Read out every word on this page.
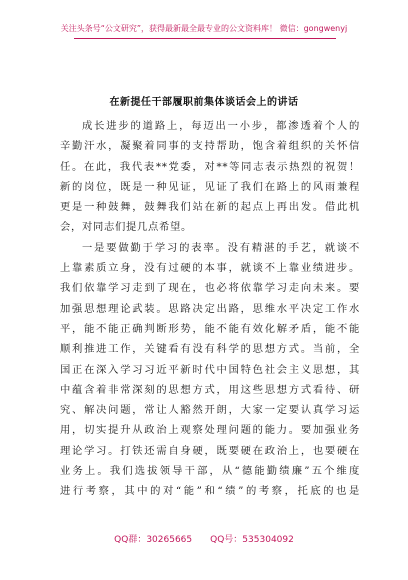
关注头条号“公文研究”，获得最新最全最专业的公文资料库！ 微信：gongwenyj
在新提任干部履职前集体谈话会上的讲话
成长进步的道路上，每迈出一小步，都渗透着个人的
辛勤汗水，凝聚着同事的支持帮助，饱含着组织的关怀信
任。在此，我代表**党委，对**等同志表示热烈的祝贺！
新的岗位，既是一种见证，见证了我们在路上的风雨兼程
更是一种鼓舞，鼓舞我们站在新的起点上再出发。借此机
会，对同志们提几点希望。
一是要做勤于学习的表率。没有精湛的手艺，就谈不
上靠素质立身，没有过硬的本事，就谈不上靠业绩进步。
我们依靠学习走到了现在，也必将依靠学习走向未来。要
加强思想理论武装。思路决定出路，思维水平决定工作水
平，能不能正确判断形势，能不能有效化解矛盾，能不能
顺利推进工作，关键看有没有科学的思想方式。当前，全
国正在深入学习习近平新时代中国特色社会主义思想，其
中蕴含着非常深刻的思想方式，用这些思想方式看待、研
究、解决问题，常让人豁然开朗，大家一定要认真学习运
用，切实提升从政治上观察处理问题的能力。要加强业务
理论学习。打铁还需自身硬，既要硬在政治上，也要硬在
业务上。我们选拔领导干部，从“德能勤绩廉”五个维度
进行考察，其中的对“能”和“绩”的考察，托底的也是
QQ群：30265665 QQ号：535304092
